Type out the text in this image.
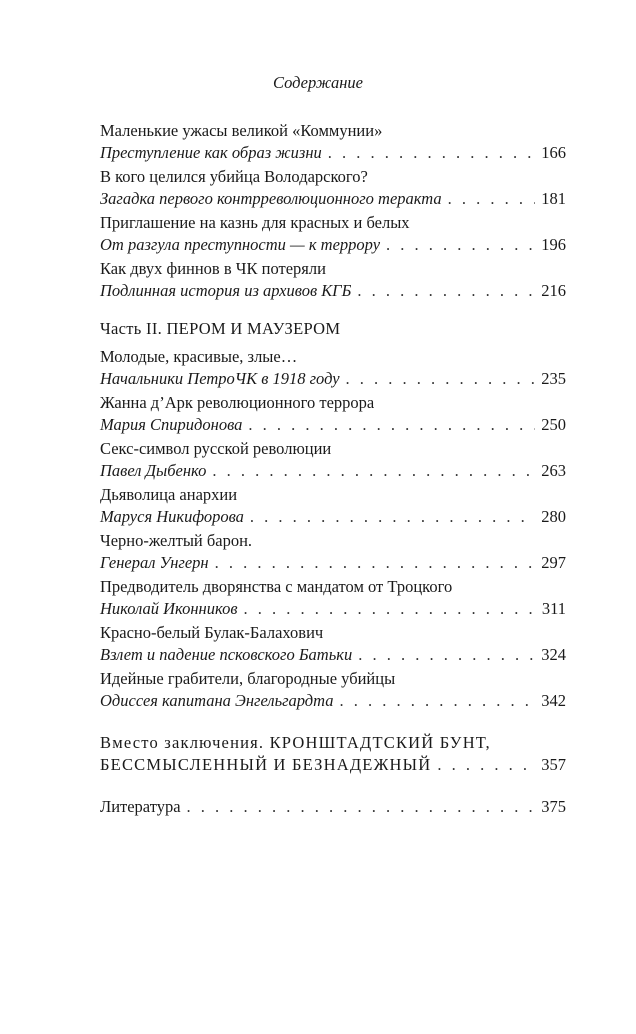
Содержание
Маленькие ужасы великой «Коммунии»
Преступление как образ жизни . . .	166
В кого целился убийца Володарского?
Загадка первого контрреволюционного теракта . . .	181
Приглашение на казнь для красных и белых
От разгула преступности — к террору . . .	196
Как двух финнов в ЧК потеряли
Подлинная история из архивов КГБ . . .	216
Часть II. ПЕРОМ И МАУЗЕРОМ
Молодые, красивые, злые…
Начальники ПетроЧК в 1918 году . . .	235
Жанна д’Арк революционного террора
Мария Спиридонова . . .	250
Секс-символ русской революции
Павел Дыбенко . . .	263
Дьяволица анархии
Маруся Никифорова . . .	280
Черно-желтый барон.
Генерал Унгерн . . .	297
Предводитель дворянства с мандатом от Троцкого
Николай Иконников . . .	311
Красно-белый Булак-Балахович
Взлет и падение псковского Батьки . . .	324
Идейные грабители, благородные убийцы
Одиссея капитана Энгельгардта . . .	342
Вместо заключения. КРОНШТАДТСКИЙ БУНТ,
БЕССМЫСЛЕННЫЙ И БЕЗНАДЕЖНЫЙ . . .	357
Литература . . .	375
